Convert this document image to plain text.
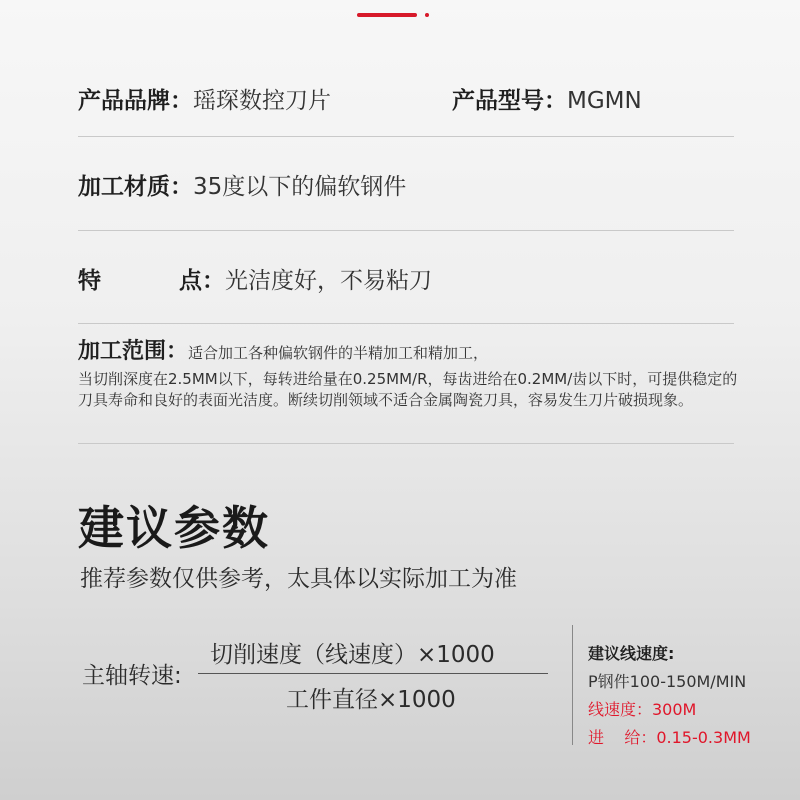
产品品牌：瑶琛数控刀片	产品型号：MGMN
加工材质：35度以下的偏软钢件
特	点：光洁度好，不易粘刀
加工范围：适合加工各种偏软钢件的半精加工和精加工，
当切削深度在2.5MM以下，每转进给量在0.25MM/R，每齿进给在0.2MM/齿以下时，可提供稳定的刀具寿命和良好的表面光洁度。断续切削领域不适合金属陶瓷刀具，容易发生刀片破损现象。
建议参数
推荐参数仅供参考，太具体以实际加工为准
主轴转速:
切削速度（线速度）×1000
工件直径×1000
建议线速度:
P钢件100-150M/MIN
线速度：300M
进    给：0.15-0.3MM
